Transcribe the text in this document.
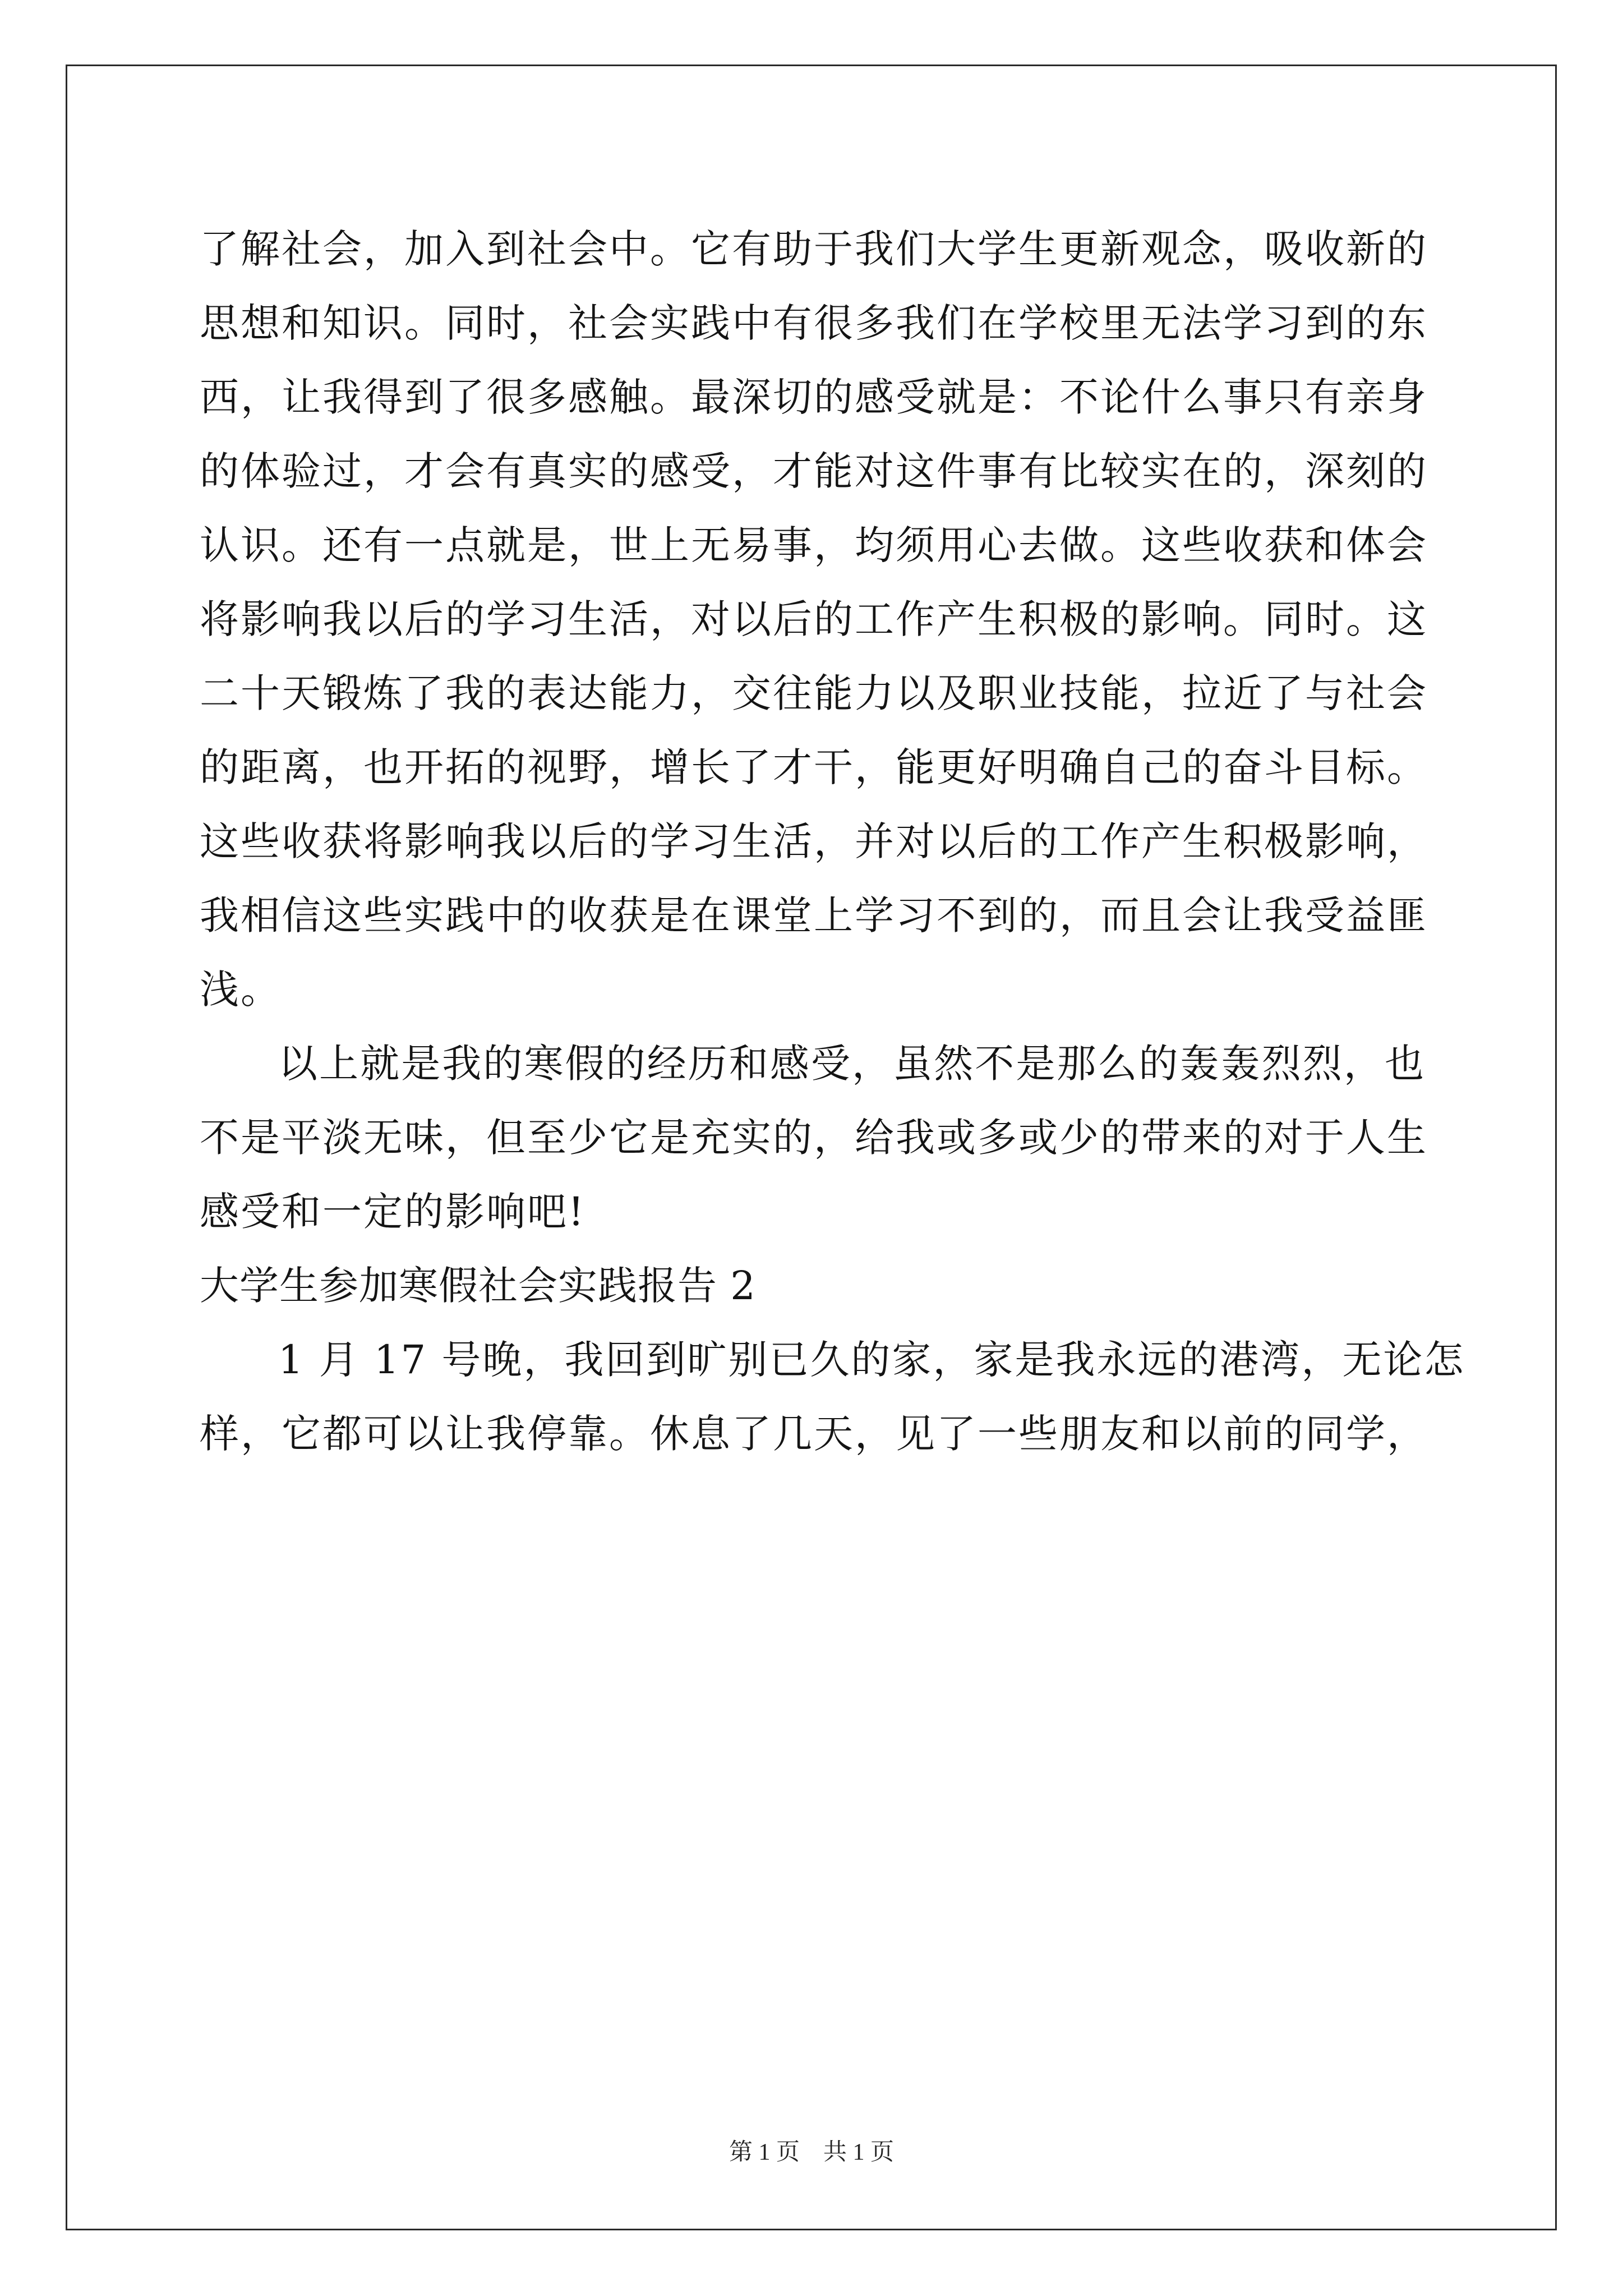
了解社会，加入到社会中。它有助于我们大学生更新观念，吸收新的
思想和知识。同时，社会实践中有很多我们在学校里无法学习到的东
西，让我得到了很多感触。最深切的感受就是：不论什么事只有亲身
的体验过，才会有真实的感受，才能对这件事有比较实在的，深刻的
认识。还有一点就是，世上无易事，均须用心去做。这些收获和体会
将影响我以后的学习生活，对以后的工作产生积极的影响。同时。这
二十天锻炼了我的表达能力，交往能力以及职业技能，拉近了与社会
的距离，也开拓的视野，增长了才干，能更好明确自己的奋斗目标。
这些收获将影响我以后的学习生活，并对以后的工作产生积极影响，
我相信这些实践中的收获是在课堂上学习不到的，而且会让我受益匪
浅。
以上就是我的寒假的经历和感受，虽然不是那么的轰轰烈烈，也
不是平淡无味，但至少它是充实的，给我或多或少的带来的对于人生
感受和一定的影响吧!
大学生参加寒假社会实践报告 2
1 月 17 号晚，我回到旷别已久的家，家是我永远的港湾，无论怎
样，它都可以让我停靠。休息了几天，见了一些朋友和以前的同学，
第 1 页    共 1 页
